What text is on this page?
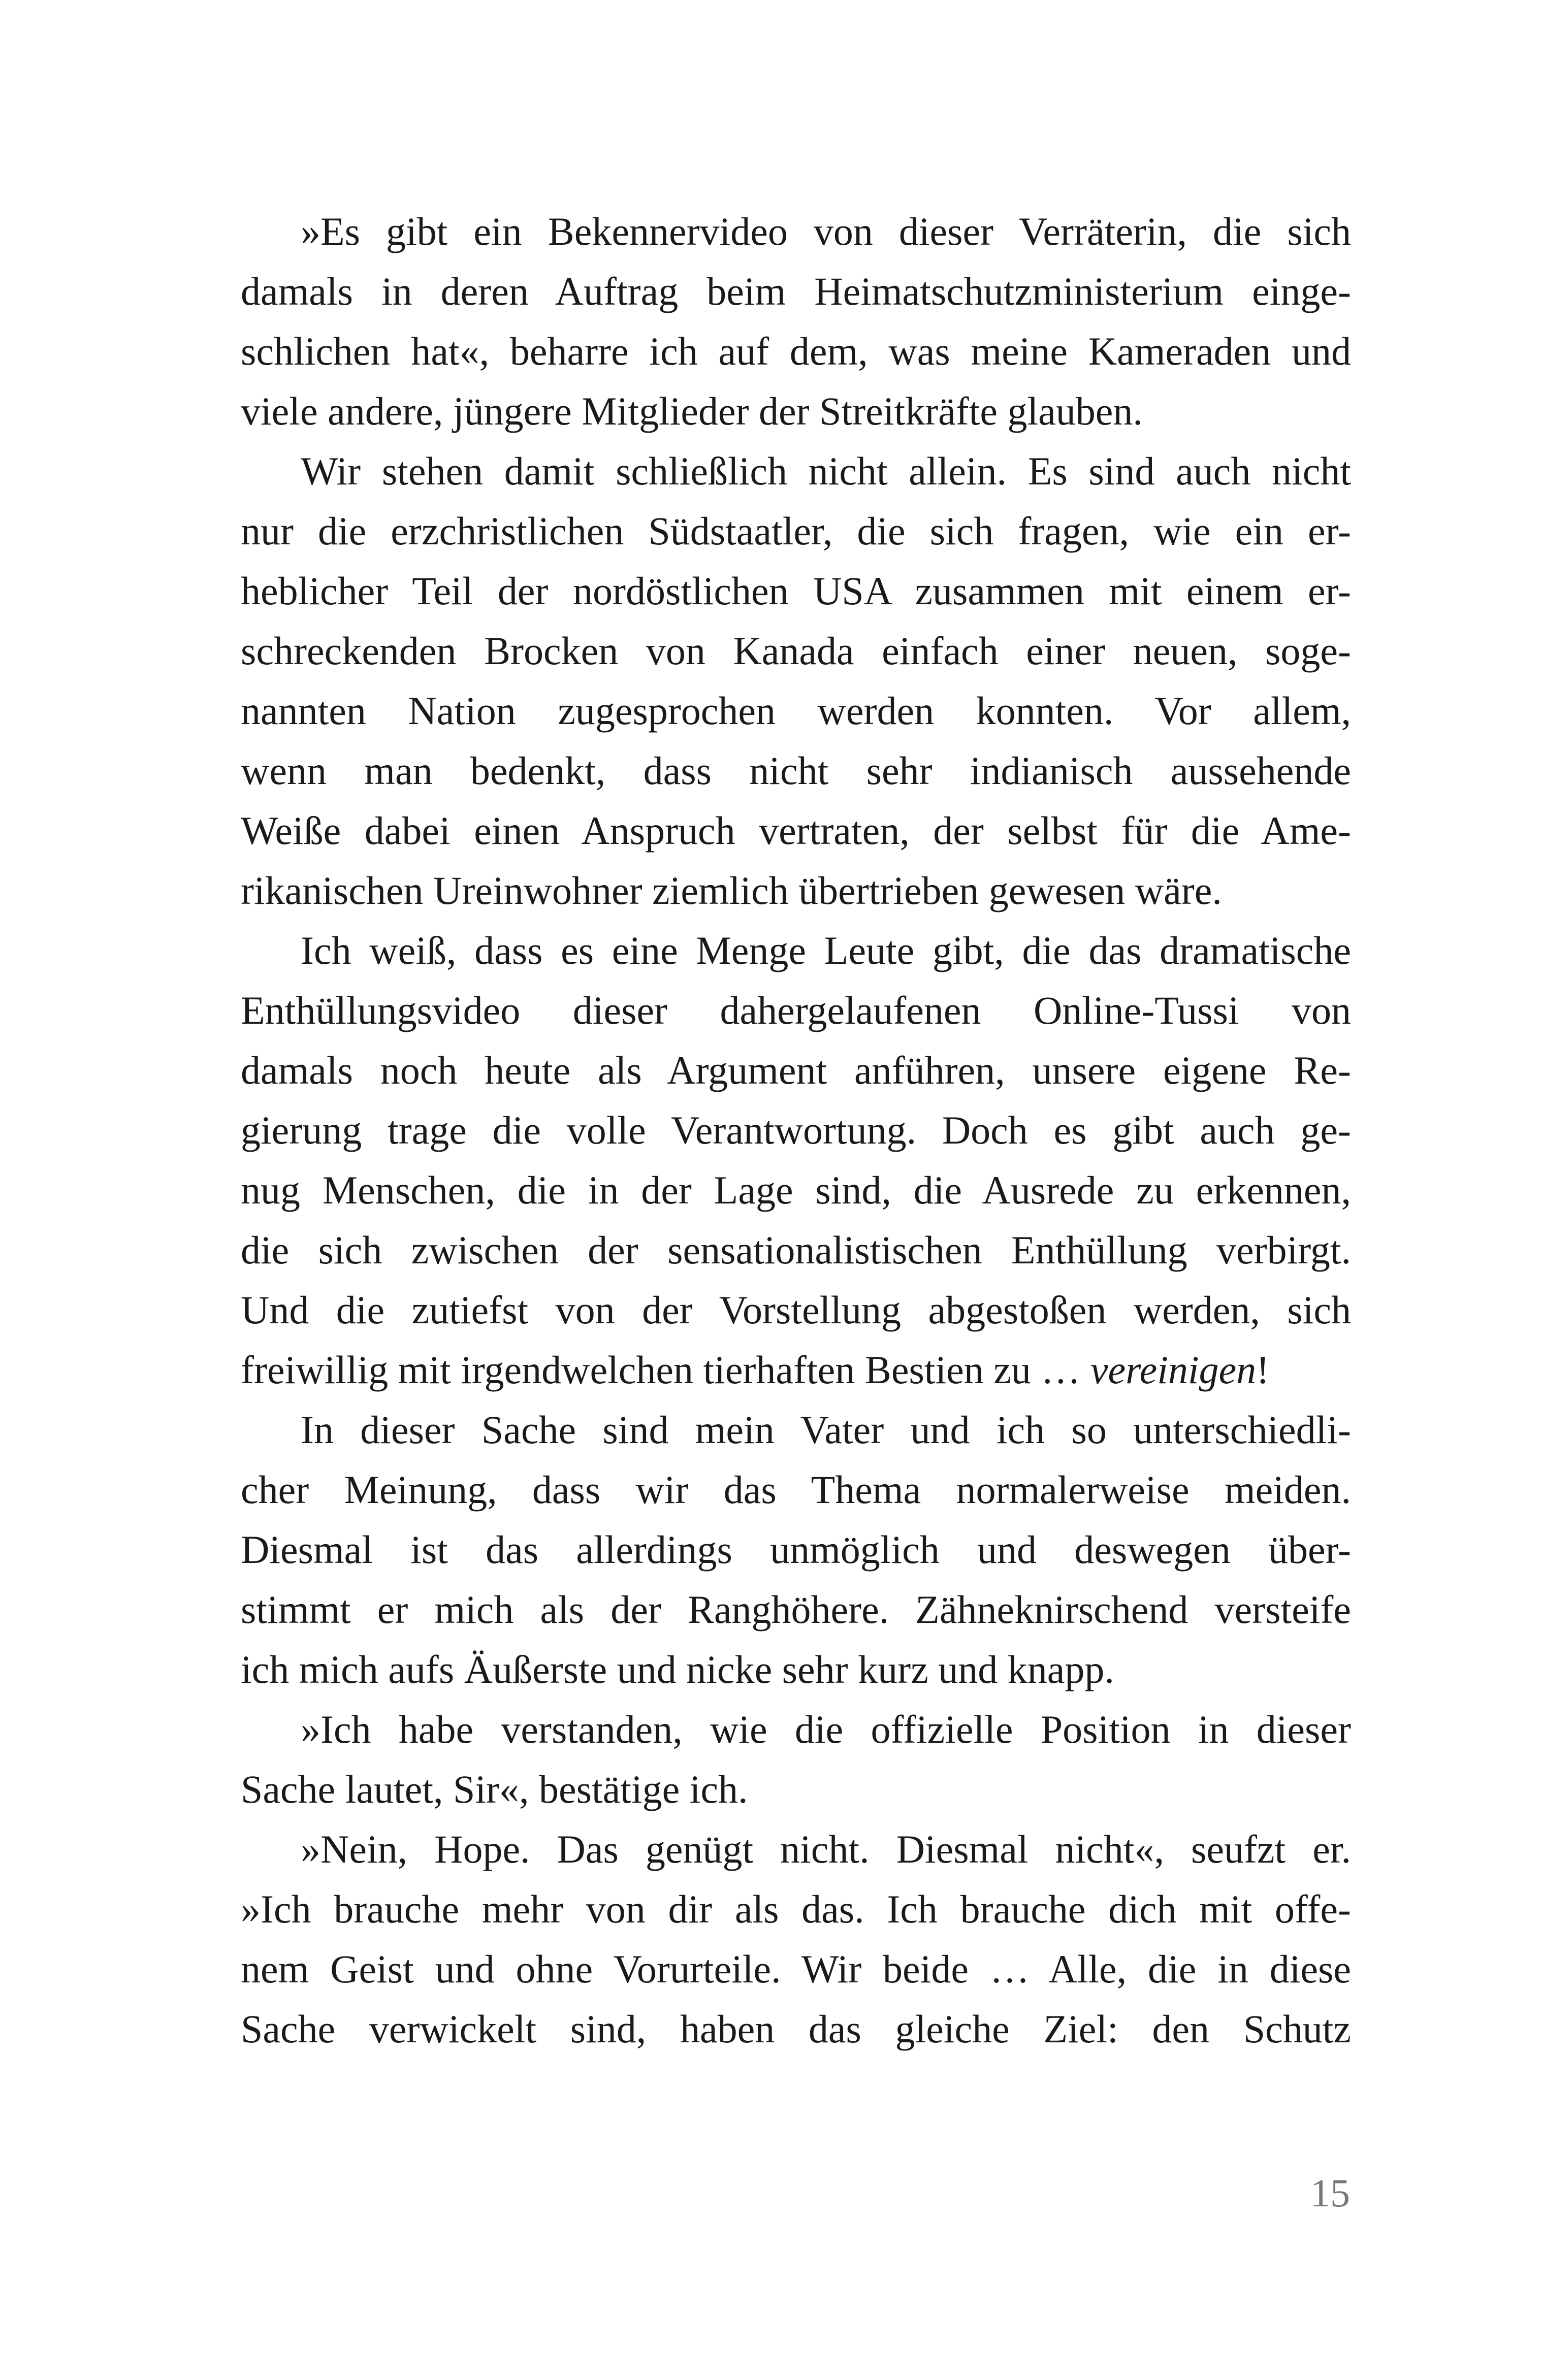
»Es gibt ein Bekennervideo von dieser Verräterin, die sich
damals in deren Auftrag beim Heimatschutzministerium einge-
schlichen hat«, beharre ich auf dem, was meine Kameraden und
viele andere, jüngere Mitglieder der Streitkräfte glauben.
Wir stehen damit schließlich nicht allein. Es sind auch nicht
nur die erzchristlichen Südstaatler, die sich fragen, wie ein er-
heblicher Teil der nordöstlichen USA zusammen mit einem er-
schreckenden Brocken von Kanada einfach einer neuen, soge-
nannten Nation zugesprochen werden konnten. Vor allem,
wenn man bedenkt, dass nicht sehr indianisch aussehende
Weiße dabei einen Anspruch vertraten, der selbst für die Ame-
rikanischen Ureinwohner ziemlich übertrieben gewesen wäre.
Ich weiß, dass es eine Menge Leute gibt, die das dramatische
Enthüllungsvideo dieser dahergelaufenen Online-Tussi von
damals noch heute als Argument anführen, unsere eigene Re-
gierung trage die volle Verantwortung. Doch es gibt auch ge-
nug Menschen, die in der Lage sind, die Ausrede zu erkennen,
die sich zwischen der sensationalistischen Enthüllung verbirgt.
Und die zutiefst von der Vorstellung abgestoßen werden, sich
freiwillig mit irgendwelchen tierhaften Bestien zu … vereinigen!
In dieser Sache sind mein Vater und ich so unterschiedli-
cher Meinung, dass wir das Thema normalerweise meiden.
Diesmal ist das allerdings unmöglich und deswegen über-
stimmt er mich als der Ranghöhere. Zähneknirschend versteife
ich mich aufs Äußerste und nicke sehr kurz und knapp.
»Ich habe verstanden, wie die offizielle Position in dieser
Sache lautet, Sir«, bestätige ich.
»Nein, Hope. Das genügt nicht. Diesmal nicht«, seufzt er.
»Ich brauche mehr von dir als das. Ich brauche dich mit offe-
nem Geist und ohne Vorurteile. Wir beide … Alle, die in diese
Sache verwickelt sind, haben das gleiche Ziel: den Schutz
15
